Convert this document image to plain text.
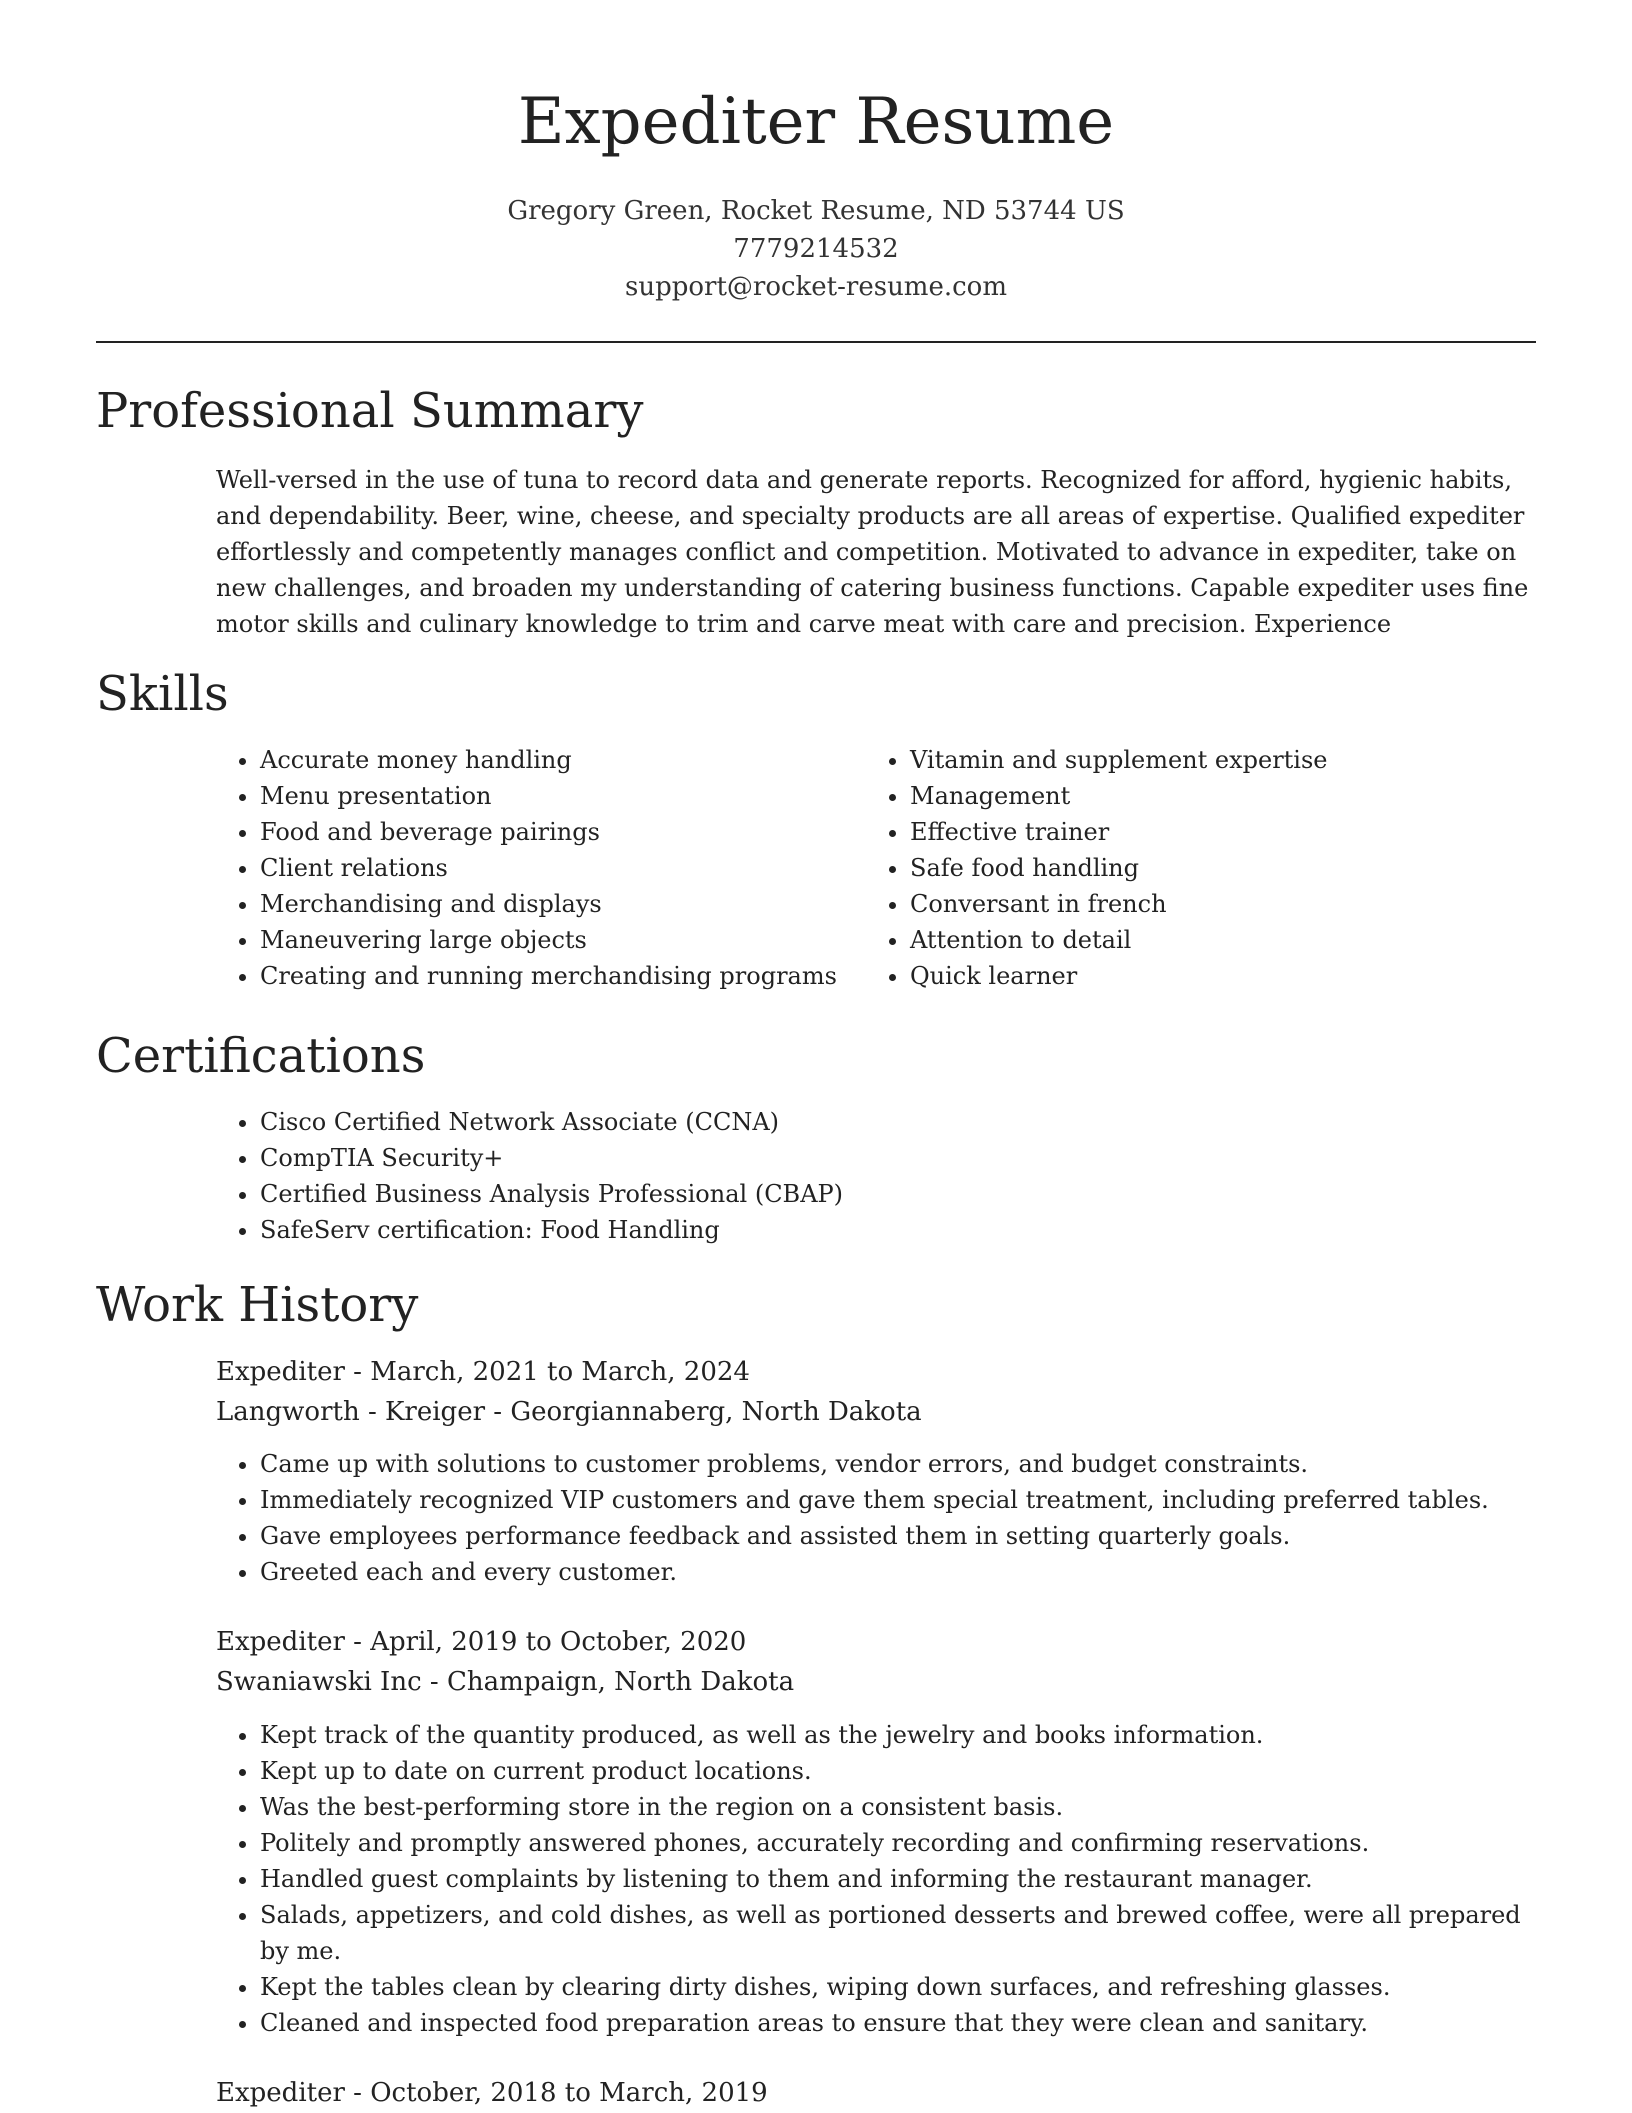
Expediter Resume
Gregory Green, Rocket Resume, ND 53744 US
7779214532
support@rocket-resume.com
Professional Summary

Well-versed in the use of tuna to record data and generate reports. Recognized for afford, hygienic habits, and dependability. Beer, wine, cheese, and specialty products are all areas of expertise. Qualified expediter effortlessly and competently manages conflict and competition. Motivated to advance in expediter, take on new challenges, and broaden my understanding of catering business functions. Capable expediter uses fine motor skills and culinary knowledge to trim and carve meat with care and precision. Experience

Skills
• Accurate money handling
• Menu presentation
• Food and beverage pairings
• Client relations
• Merchandising and displays
• Maneuvering large objects
• Creating and running merchandising programs
• Vitamin and supplement expertise
• Management
• Effective trainer
• Safe food handling
• Conversant in french
• Attention to detail
• Quick learner
Certifications
• Cisco Certified Network Associate (CCNA)
• CompTIA Security+
• Certified Business Analysis Professional (CBAP)
• SafeServ certification: Food Handling
Work History
Expediter - March, 2021 to March, 2024
Langworth - Kreiger - Georgiannaberg, North Dakota
• Came up with solutions to customer problems, vendor errors, and budget constraints.
• Immediately recognized VIP customers and gave them special treatment, including preferred tables.
• Gave employees performance feedback and assisted them in setting quarterly goals.
• Greeted each and every customer.
Expediter - April, 2019 to October, 2020
Swaniawski Inc - Champaign, North Dakota
• Kept track of the quantity produced, as well as the jewelry and books information.
• Kept up to date on current product locations.
• Was the best-performing store in the region on a consistent basis.
• Politely and promptly answered phones, accurately recording and confirming reservations.
• Handled guest complaints by listening to them and informing the restaurant manager.
• Salads, appetizers, and cold dishes, as well as portioned desserts and brewed coffee, were all prepared by me.
• Kept the tables clean by clearing dirty dishes, wiping down surfaces, and refreshing glasses.
• Cleaned and inspected food preparation areas to ensure that they were clean and sanitary.
Expediter - October, 2018 to March, 2019
